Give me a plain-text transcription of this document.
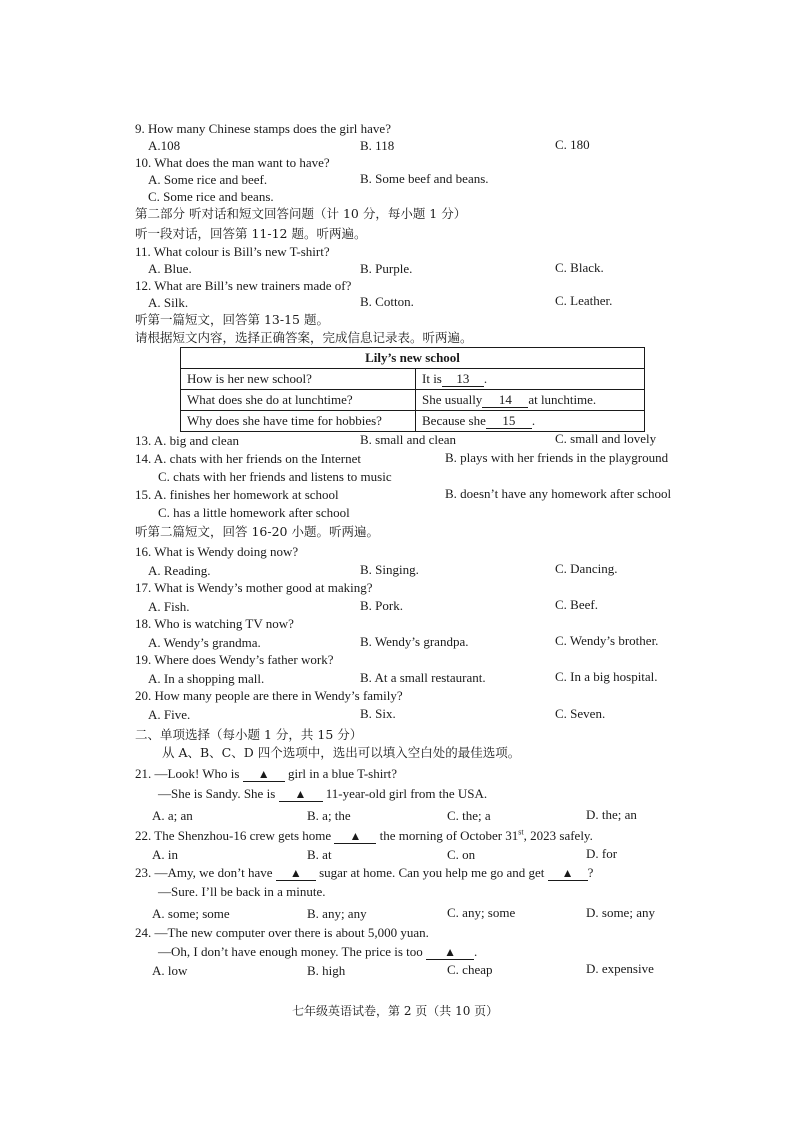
9. How many Chinese stamps does the girl have?
A.108	B. 118	C. 180
10. What does the man want to have?
A. Some rice and beef.	B. Some beef and beans.
C. Some rice and beans.
第二部分 听对话和短文回答问题（计 10 分，每小题 1 分）
听一段对话，回答第 11-12 题。听两遍。
11. What colour is Bill’s new T-shirt?
A. Blue.	B. Purple.	C. Black.
12. What are Bill’s new trainers made of?
A. Silk.	B. Cotton.	C. Leather.
听第一篇短文，回答第 13-15 题。
请根据短文内容，选择正确答案，完成信息记录表。听两遍。
Lily’s new school	
How is her new school?	It is 13 .
What does she do at lunchtime?	She usually 14 at lunchtime.
Why does she have time for hobbies?	Because she 15 .
13. A. big and clean	B. small and clean	C. small and lovely
14. A. chats with her friends on the Internet	B. plays with her friends in the playground
C. chats with her friends and listens to music
15. A. finishes her homework at school	B. doesn’t have any homework after school
C. has a little homework after school
听第二篇短文，回答 16-20 小题。听两遍。
16. What is Wendy doing now?
A. Reading.	B. Singing.	C. Dancing.
17. What is Wendy’s mother good at making?
A. Fish.	B. Pork.	C. Beef.
18. Who is watching TV now?
A. Wendy’s grandma.	B. Wendy’s grandpa.	C. Wendy’s brother.
19. Where does Wendy’s father work?
A. In a shopping mall.	B. At a small restaurant.	C. In a big hospital.
20. How many people are there in Wendy’s family?
A. Five.	B. Six.	C. Seven.
二、单项选择（每小题 1 分，共 15 分）
从 A、B、C、D 四个选项中，选出可以填入空白处的最佳选项。
21. —Look! Who is ▲ girl in a blue T-shirt?
—She is Sandy. She is ▲ 11-year-old girl from the USA.
A. a; an	B. a; the	C. the; a	D. the; an
22. The Shenzhou-16 crew gets home ▲ the morning of October 31st, 2023 safely.
A. in	B. at	C. on	D. for
23. —Amy, we don’t have ▲ sugar at home. Can you help me go and get ▲ ?
—Sure. I’ll be back in a minute.
A. some; some	B. any; any	C. any; some	D. some; any
24. —The new computer over there is about 5,000 yuan.
—Oh, I don’t have enough money. The price is too ▲ .
A. low	B. high	C. cheap	D. expensive
七年级英语试卷，第 2 页（共 10 页）
